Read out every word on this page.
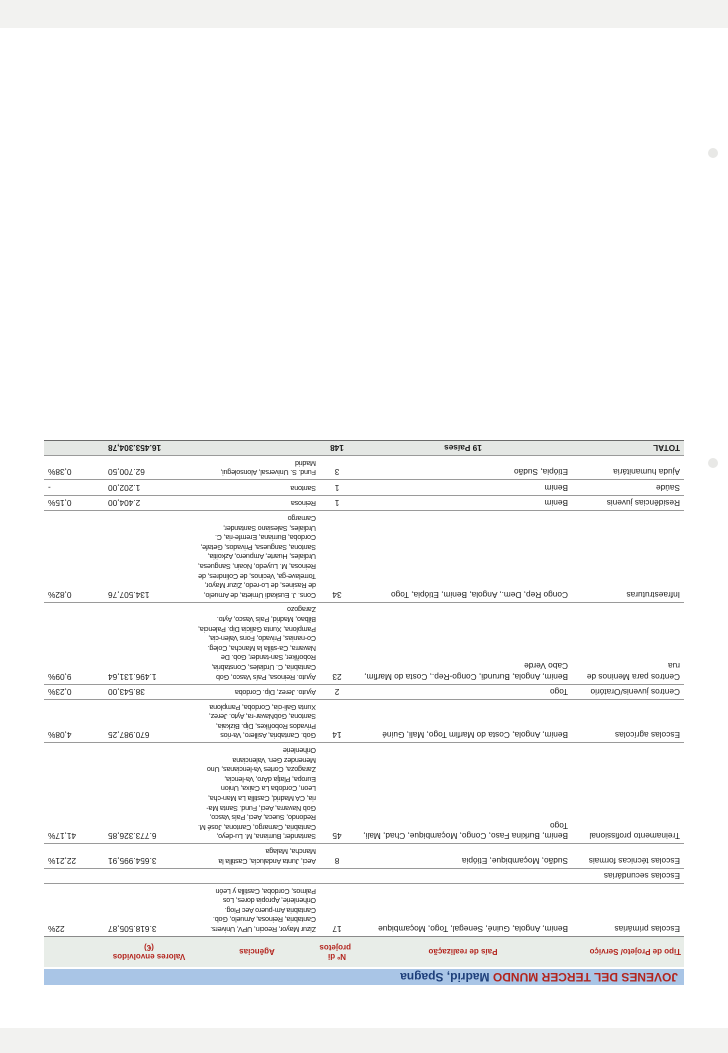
JOVENES DEL TERCER MUNDO Madrid, Spagna
Tipo de Projeto/ Serviço	País de realização	Nº di projetos	Agências	Valores envolvidos (€)	
Escolas primárias	Benim, Angola, Guiné, Senegal, Togo, Moçambique	17	Zizur Mayor, Reocin, UPV, Univers. Cantabria, Reinosa, Arnuelo, Gob. Cantabria Am-puero Aec Piog. Orihenlerie, Apropia dores, Los Palmos, Cordoba, Castilla y León	3.618.505,87	22%
Escolas secundárias					
Escolas técnicas formais	Sudão, Moçambique, Etiópia	8	Aeci, Junta Andalucía, Castilla la Mancha, Malaga	3.654.995,91	22,21%
Treinamento profissional	Benim, Burkina Faso, Congo, Moçambique, Chad, Mali, Togo	45	Santander, Burriana, M. Lu-deyo, Cantabria, Camargo, Cantona, José M. Redondo, Sueca, Aeci, País Vasco, Gob Navarra, Aeci, Fund. Santa Ma-ria, CA Madrid, Castilla La Man-cha, Leon, Cordoba La Caixa, Union Europa, Platja dАro, Va-lencia, Zaragoza, Cortes Va-lencianas, Uno Menendez Gen. Valenciana Orihenlerie	6.773.326,85	41,17%
Escolas agrícolas	Benim, Angola, Costa do Marfim Togo, Mali, Guiné	14	Gob. Cantabria, Asillero, Va-rios Privados Roboñkes, Dip. Bizkaia, Santona, GobNavar-ra, Ayto. Jerez, Xunta Gali-cia, Cordoba, Pamplona	670.987,25	4,08%
Centros juvenis/Oratório	Togo	2	Ayuto. Jerez, Dip. Cordoba	38.543,00	0,23%
Centros para Meninos de rua	Benim, Angola, Burundi, Congo-Rep., Costa do Marfim, Cabo Verde	23	Ayuto. Reinosa, País Vasco, Gob Cantabria, C. Urdiales, Constabria, Roboñker, San-tander, Gob. De Navarra, Ca-stilla la Mancha, Coleg. Co-nanias, Privado, Fons Valen-cia, Pamplona, Xunta Galicia Dip. Palencia, Bilbao, Madrid, País Vasco, Ayto. Zaragozo	1.496.131,64	9,09%
Infraestruturas	Congo Rep, Dem., Angola, Benim, Etiópia, Togo	34	Cons. J. Euskadi Urnieta, de Arnuelo, de Rasines, de Lo-redo, Zizur Mayor, Torrelave-ga, Vecinos, de Colindres, de Reinosa, M. Luyedo, Noain, Sanguesa, Urdiales, Huarte, Ampuero, Azkoitia, Santona, Sanguesa, Privados, Getafe, Cordoba, Burriana, Eremfe-ria, C. Urdiales, Salesiano Santander, Camargo	134.507,76	0,82%
Residências juvenis	Benim	1	Reinosa	2.404,00	0,15%
Saúde	Benim	1	Santona	1.202,00	-
Ajuda humanitária	Etiópia, Sudão	3	Fund. S. Universal, Alonsolegui, Madrid	62.700,50	0,38%
TOTAL	19 Países	148		16.453.304,78	
